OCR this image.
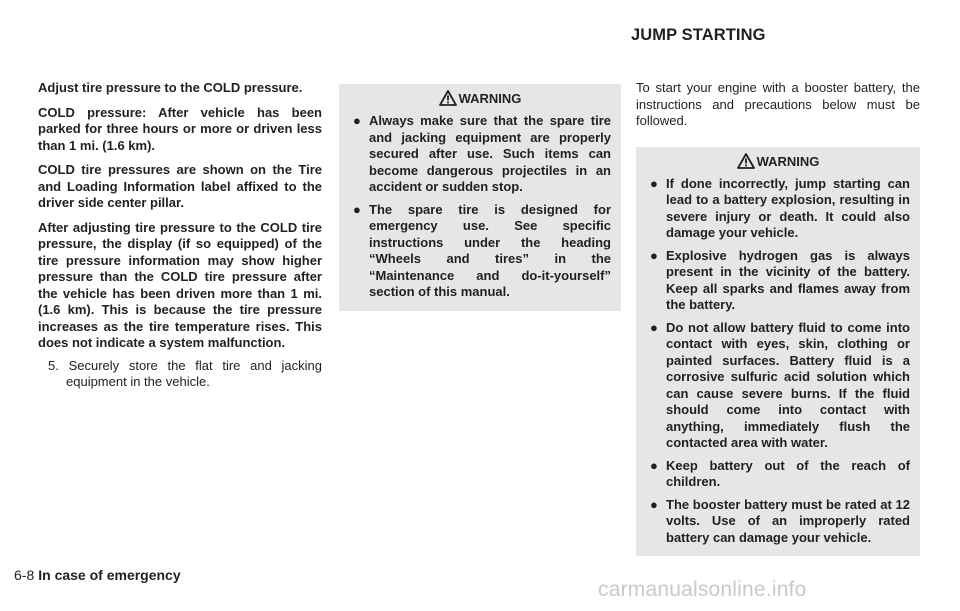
JUMP STARTING

Adjust tire pressure to the COLD pressure.

COLD pressure: After vehicle has been parked for three hours or more or driven less than 1 mi. (1.6 km).

COLD tire pressures are shown on the Tire and Loading Information label affixed to the driver side center pillar.

After adjusting tire pressure to the COLD tire pressure, the display (if so equipped) of the tire pressure information may show higher pressure than the COLD tire pressure after the vehicle has been driven more than 1 mi. (1.6 km). This is because the tire pressure increases as the tire temperature rises. This does not indicate a system malfunction.

5. Securely store the flat tire and jacking equipment in the vehicle.
WARNING
● Always make sure that the spare tire and jacking equipment are properly secured after use. Such items can become dangerous projectiles in an accident or sudden stop.
● The spare tire is designed for emergency use. See specific instructions under the heading “Wheels and tires” in the “Maintenance and do-it-yourself” section of this manual.

To start your engine with a booster battery, the instructions and precautions below must be followed.

WARNING
● If done incorrectly, jump starting can lead to a battery explosion, resulting in severe injury or death. It could also damage your vehicle.
● Explosive hydrogen gas is always present in the vicinity of the battery. Keep all sparks and flames away from the battery.
● Do not allow battery fluid to come into contact with eyes, skin, clothing or painted surfaces. Battery fluid is a corrosive sulfuric acid solution which can cause severe burns. If the fluid should come into contact with anything, immediately flush the contacted area with water.
● Keep battery out of the reach of children.
● The booster battery must be rated at 12 volts. Use of an improperly rated battery can damage your vehicle.
6-8 In case of emergency
carmanualsonline.info
